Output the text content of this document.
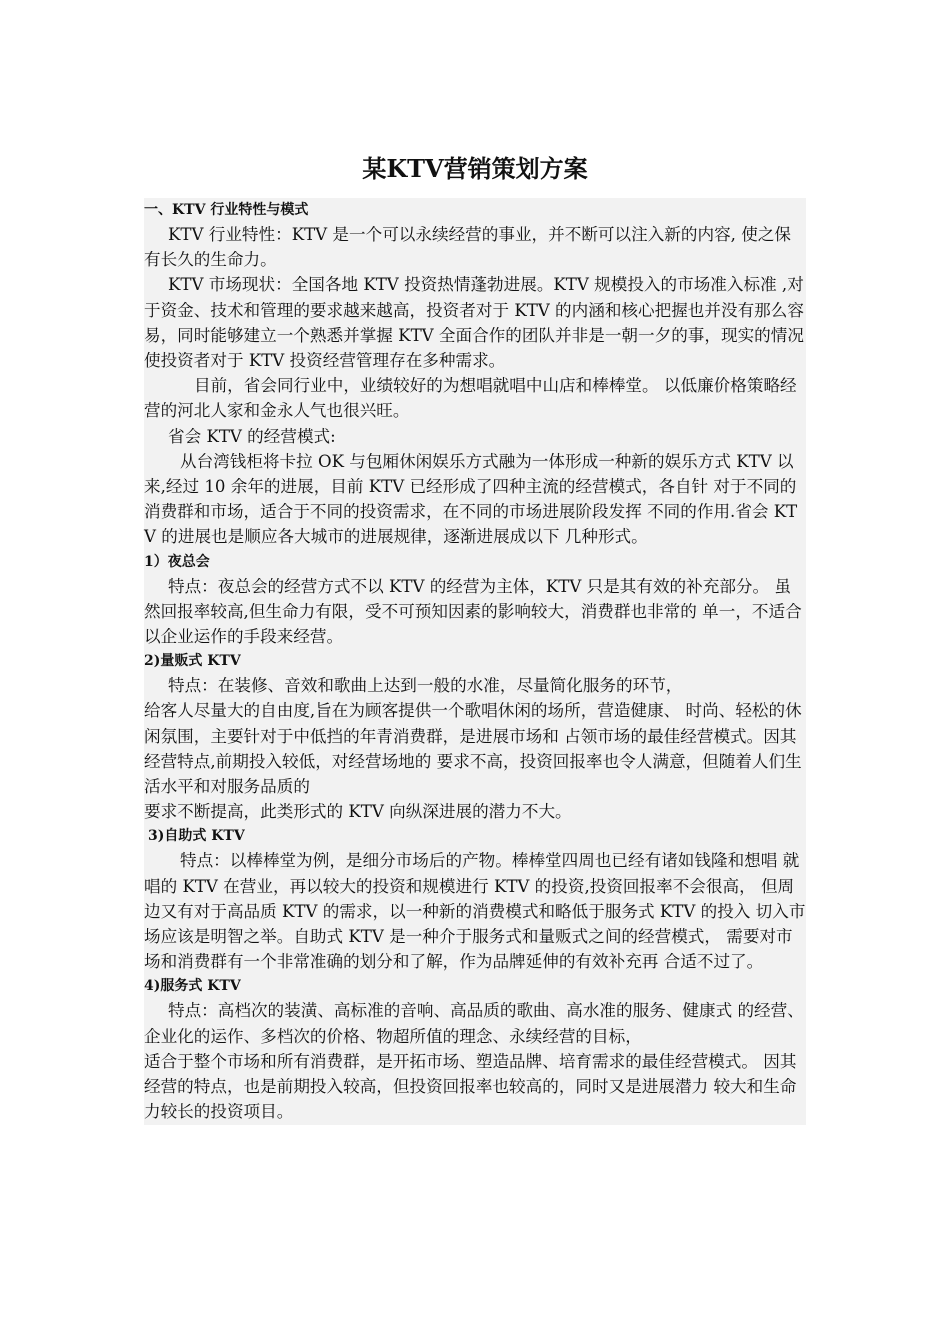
某KTV营销策划方案
一、KTV 行业特性与模式
KTV 行业特性：KTV 是一个可以永续经营的事业，并不断可以注入新的内容, 使之保有长久的生命力。
KTV 市场现状：全国各地 KTV 投资热情蓬勃进展。KTV 规模投入的市场准入标准 ,对于资金、技术和管理的要求越来越高，投资者对于 KTV 的内涵和核心把握也并没有那么容易，同时能够建立一个熟悉并掌握 KTV 全面合作的团队并非是一朝一夕的事，现实的情况使投资者对于 KTV 投资经营管理存在多种需求。
目前，省会同行业中，业绩较好的为想唱就唱中山店和棒棒堂。 以低廉价格策略经营的河北人家和金永人气也很兴旺。
省会 KTV 的经营模式:
从台湾钱柜将卡拉 OK 与包厢休闲娱乐方式融为一体形成一种新的娱乐方式 KTV 以来,经过 10 余年的进展，目前 KTV 已经形成了四种主流的经营模式，各自针 对于不同的消费群和市场，适合于不同的投资需求，在不同的市场进展阶段发挥 不同的作用.省会 KTV 的进展也是顺应各大城市的进展规律，逐渐进展成以下 几种形式。
1）夜总会
特点：夜总会的经营方式不以 KTV 的经营为主体，KTV 只是其有效的补充部分。 虽然回报率较高,但生命力有限，受不可预知因素的影响较大，消费群也非常的 单一，不适合以企业运作的手段来经营。
2)量贩式 KTV
特点：在装修、音效和歌曲上达到一般的水准，尽量简化服务的环节，
给客人尽量大的自由度,旨在为顾客提供一个歌唱休闲的场所，营造健康、 时尚、轻松的休闲氛围，主要针对于中低挡的年青消费群，是进展市场和 占领市场的最佳经营模式。因其经营特点,前期投入较低，对经营场地的 要求不高，投资回报率也令人满意，但随着人们生活水平和对服务品质的
要求不断提高，此类形式的 KTV 向纵深进展的潜力不大。
3)自助式 KTV
特点：以棒棒堂为例，是细分市场后的产物。棒棒堂四周也已经有诸如钱隆和想唱 就唱的 KTV 在营业，再以较大的投资和规模进行 KTV 的投资,投资回报率不会很高， 但周边又有对于高品质 KTV 的需求，以一种新的消费模式和略低于服务式 KTV 的投入 切入市场应该是明智之举。自助式 KTV 是一种介于服务式和量贩式之间的经营模式， 需要对市场和消费群有一个非常准确的划分和了解，作为品牌延伸的有效补充再 合适不过了。
4)服务式 KTV
特点：高档次的装潢、高标准的音响、高品质的歌曲、高水准的服务、健康式 的经营、企业化的运作、多档次的价格、物超所值的理念、永续经营的目标，
适合于整个市场和所有消费群，是开拓市场、塑造品牌、培育需求的最佳经营模式。 因其经营的特点，也是前期投入较高，但投资回报率也较高的，同时又是进展潜力 较大和生命力较长的投资项目。
